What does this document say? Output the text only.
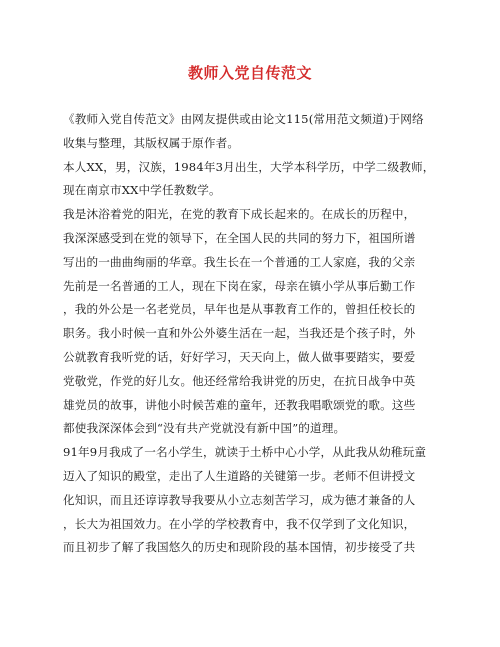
教师入党自传范文
《教师入党自传范文》由网友提供或由论文115(常用范文频道)于网络
收集与整理，其版权属于原作者。
本人XX，男，汉族，1984年3月出生，大学本科学历，中学二级教师，
现在南京市XX中学任教数学。
我是沐浴着党的阳光，在党的教育下成长起来的。在成长的历程中，
我深深感受到在党的领导下，在全国人民的共同的努力下，祖国所谱
写出的一曲曲绚丽的华章。我生长在一个普通的工人家庭，我的父亲
先前是一名普通的工人，现在下岗在家，母亲在镇小学从事后勤工作
，我的外公是一名老党员，早年也是从事教育工作的，曾担任校长的
职务。我小时候一直和外公外婆生活在一起，当我还是个孩子时，外
公就教育我听党的话，好好学习，天天向上，做人做事要踏实，要爱
党敬党，作党的好儿女。他还经常给我讲党的历史，在抗日战争中英
雄党员的故事，讲他小时候苦难的童年，还教我唱歌颂党的歌。这些
都使我深深体会到“没有共产党就没有新中国”的道理。
91年9月我成了一名小学生，就读于土桥中心小学，从此我从幼稚玩童
迈入了知识的殿堂，走出了人生道路的关键第一步。老师不但讲授文
化知识，而且还谆谆教导我要从小立志刻苦学习，成为德才兼备的人
，长大为祖国效力。在小学的学校教育中，我不仅学到了文化知识，
而且初步了解了我国悠久的历史和现阶段的基本国情，初步接受了共
